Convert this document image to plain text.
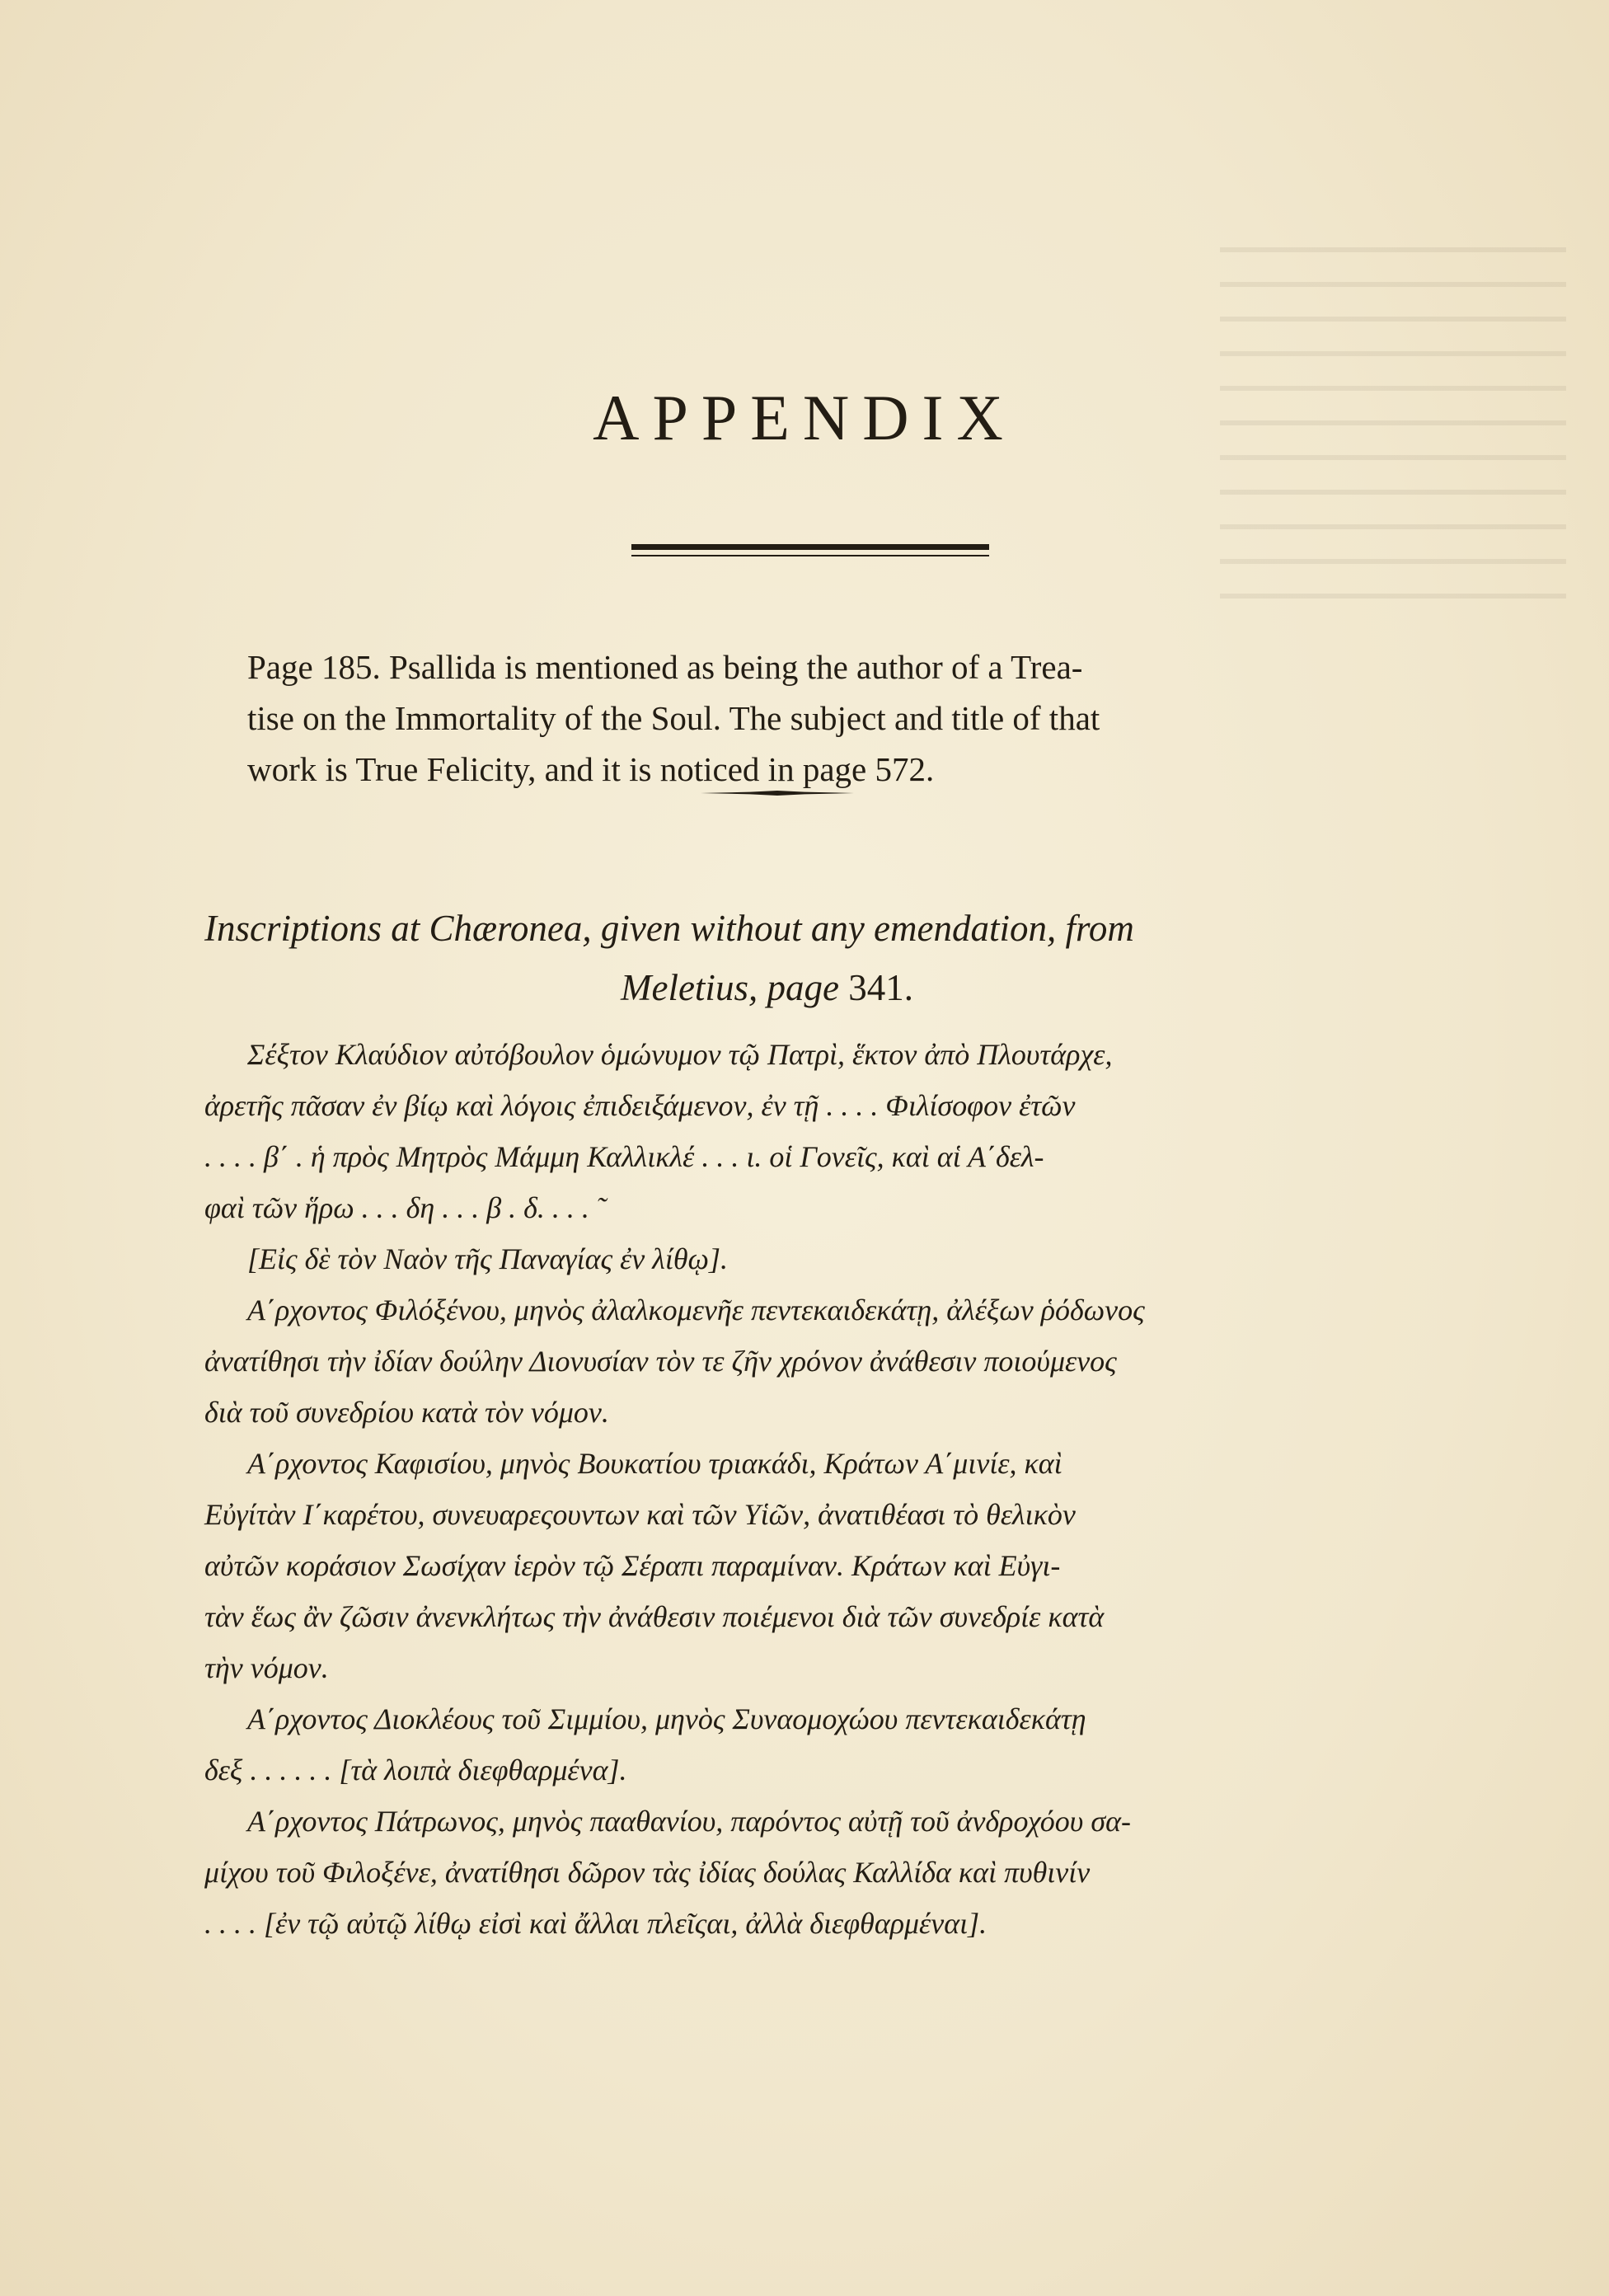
APPENDIX

Page 185. Psallida is mentioned as being the author of a Trea-
tise on the Immortality of the Soul. The subject and title of that
work is True Felicity, and it is noticed in page 572.

Inscriptions at Chæronea, given without any emendation, from
Meletius, page 341.

Σέξτον Κλαύδιον αὐτόβουλον ὁμώνυμον τῷ Πατρὶ, ἕκτον ἀπὸ Πλουτάρχε,
ἀρετῆς πᾶσαν ἐν βίῳ καὶ λόγοις ἐπιδειξάμενον, ἐν τῇ . . . . Φιλίσοφον ἐτῶν
. . . . β΄ . ἡ πρὸς Μητρὸς Μάμμη Καλλικλέ . . . ι. οἱ Γονεῖς, καὶ αἱ Α΄δελ-
φαὶ τῶν ἥρω . . . δη . . . β . δ. . . . ῀
[Εἰς δὲ τὸν Ναὸν τῆς Παναγίας ἐν λίθῳ].
Α΄ρχοντος Φιλόξένου, μηνὸς ἀλαλκομενῆε πεντεκαιδεκάτῃ, ἀλέξων ῥόδωνος
ἀνατίθησι τὴν ἰδίαν δούλην Διονυσίαν τὸν τε ζῆν χρόνον ἀνάθεσιν ποιούμενος
διὰ τοῦ συνεδρίου κατὰ τὸν νόμον.
Α΄ρχοντος Καφισίου, μηνὸς Βουκατίου τριακάδι, Κράτων Α΄μινίε, καὶ
Εὐγίτὰν Ι΄καρέτου, συνευαρεςουντων καὶ τῶν Υἱῶν, ἀνατιθέασι τὸ θελικὸν
αὐτῶν κοράσιον Σωσίχαν ἱερὸν τῷ Σέραπι παραμίναν. Κράτων καὶ Εὐγι-
τὰν ἕως ἂν ζῶσιν ἀνενκλήτως τὴν ἀνάθεσιν ποιέμενοι διὰ τῶν συνεδρίε κατὰ
τὴν νόμον.
Α΄ρχοντος Διοκλέους τοῦ Σιμμίου, μηνὸς Συναομοχώου πεντεκαιδεκάτῃ
δεξ . . . . . . [τὰ λοιπὰ διεφθαρμένα].
Α΄ρχοντος Πάτρωνος, μηνὸς πααθανίου, παρόντος αὐτῇ τοῦ ἀνδροχόου σα-
μίχου τοῦ Φιλοξένε, ἀνατίθησι δῶρον τὰς ἰδίας δούλας Καλλίδα καὶ πυθινίν
. . . . [ἐν τῷ αὐτῷ λίθῳ εἰσὶ καὶ ἄλλαι πλεῖςαι, ἀλλὰ διεφθαρμέναι].
